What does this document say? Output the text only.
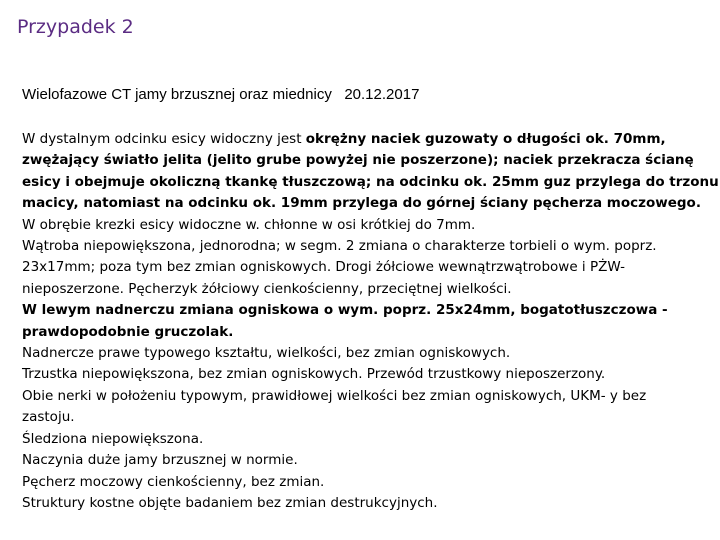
Przypadek 2
Wielofazowe CT jamy brzusznej oraz miednicy   20.12.2017
W dystalnym odcinku esicy widoczny jest okrężny naciek guzowaty o długości ok. 70mm,
zwężający światło jelita (jelito grube powyżej nie poszerzone); naciek przekracza ścianę
esicy i obejmuje okoliczną tkankę tłuszczową; na odcinku ok. 25mm guz przylega do trzonu
macicy, natomiast na odcinku ok. 19mm przylega do górnej ściany pęcherza moczowego.
W obrębie krezki esicy widoczne w. chłonne w osi krótkiej do 7mm.
Wątroba niepowiększona, jednorodna; w segm. 2 zmiana o charakterze torbieli o wym. poprz.
23x17mm; poza tym bez zmian ogniskowych. Drogi żółciowe wewnątrzwątrobowe i PŻW-
nieposzerzone. Pęcherzyk żółciowy cienkościenny, przeciętnej wielkości.
W lewym nadnerczu zmiana ogniskowa o wym. poprz. 25x24mm, bogatotłuszczowa -
prawdopodobnie gruczolak.
Nadnercze prawe typowego kształtu, wielkości, bez zmian ogniskowych.
Trzustka niepowiększona, bez zmian ogniskowych. Przewód trzustkowy nieposzerzony.
Obie nerki w położeniu typowym, prawidłowej wielkości bez zmian ogniskowych, UKM- y bez
zastoju.
Śledziona niepowiększona.
Naczynia duże jamy brzusznej w normie.
Pęcherz moczowy cienkościenny, bez zmian.
Struktury kostne objęte badaniem bez zmian destrukcyjnych.
